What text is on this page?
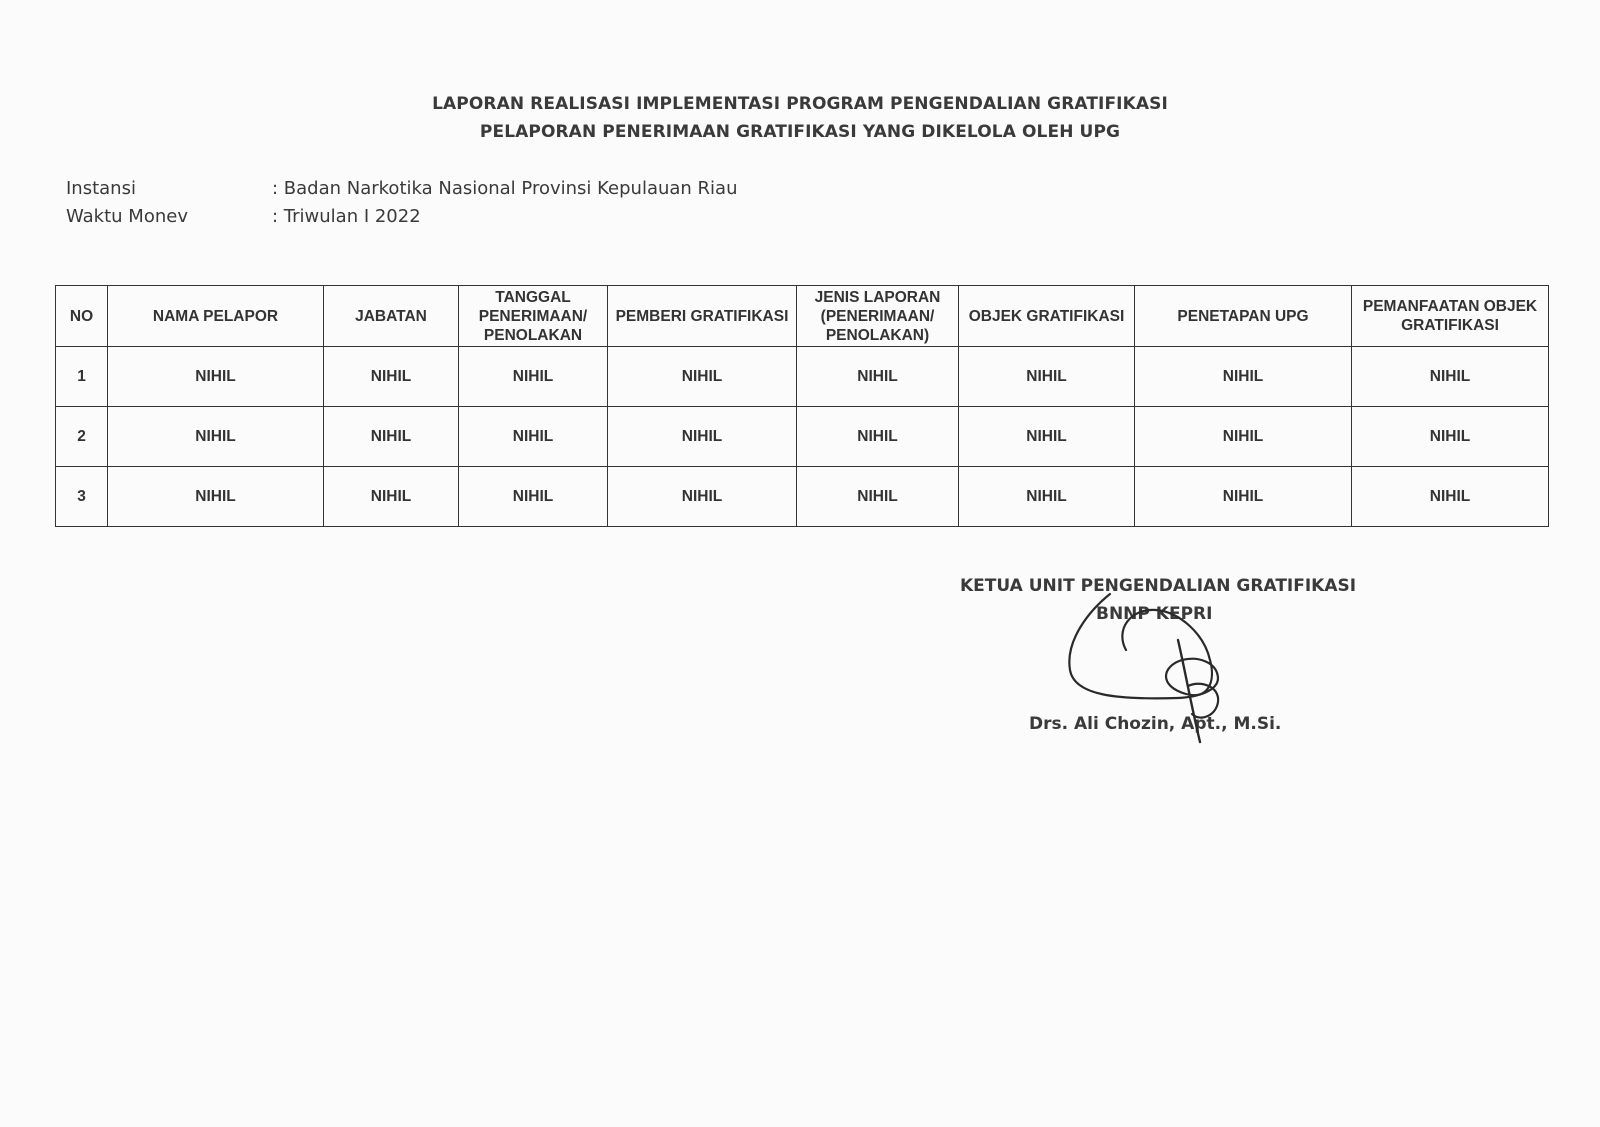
LAPORAN REALISASI IMPLEMENTASI PROGRAM PENGENDALIAN GRATIFIKASI
PELAPORAN PENERIMAAN GRATIFIKASI YANG DIKELOLA OLEH UPG
Instansi	: Badan Narkotika Nasional Provinsi Kepulauan Riau
Waktu Monev	: Triwulan I 2022
NO	NAMA PELAPOR	JABATAN	TANGGAL PENERIMAAN/ PENOLAKAN	PEMBERI GRATIFIKASI	JENIS LAPORAN (PENERIMAAN/ PENOLAKAN)	OBJEK GRATIFIKASI	PENETAPAN UPG	PEMANFAATAN OBJEK GRATIFIKASI
1	NIHIL	NIHIL	NIHIL	NIHIL	NIHIL	NIHIL	NIHIL	NIHIL
2	NIHIL	NIHIL	NIHIL	NIHIL	NIHIL	NIHIL	NIHIL	NIHIL
3	NIHIL	NIHIL	NIHIL	NIHIL	NIHIL	NIHIL	NIHIL	NIHIL
KETUA UNIT PENGENDALIAN GRATIFIKASI
BNNP KEPRI
Drs. Ali Chozin, Apt., M.Si.
